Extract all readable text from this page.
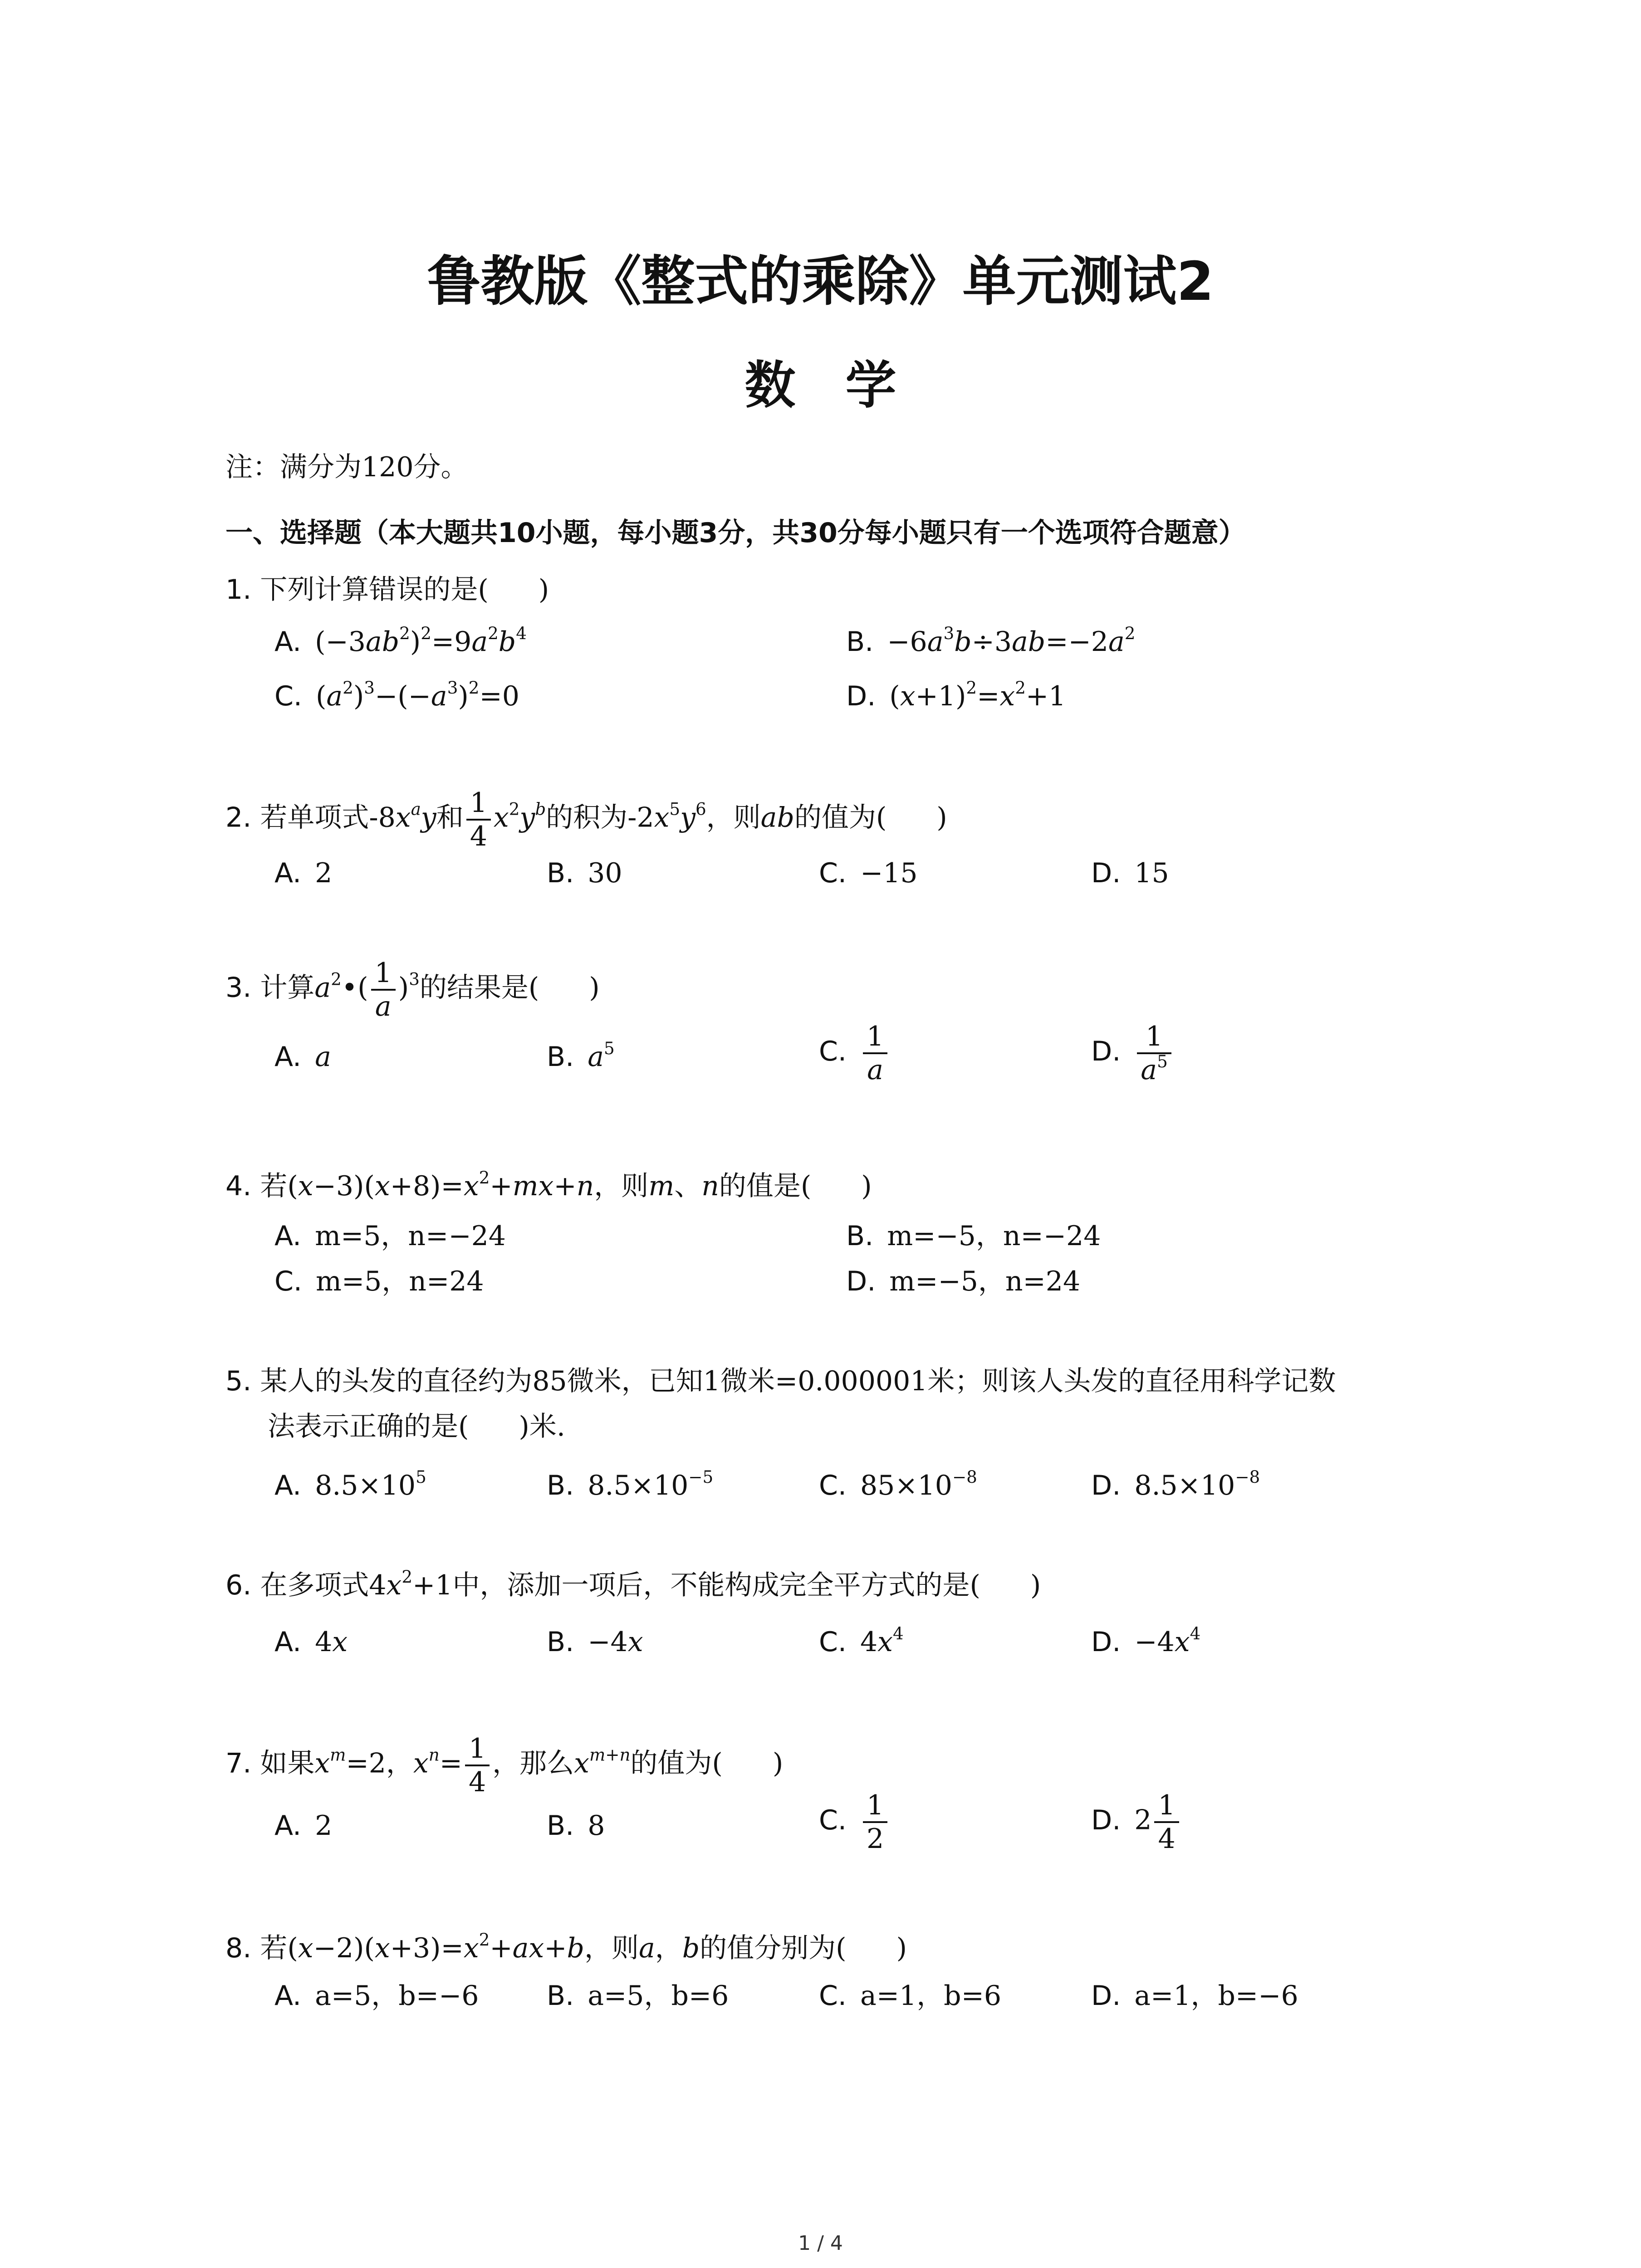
鲁教版《整式的乘除》单元测试2
数学
注：满分为120分。
一、选择题（本大题共10小题，每小题3分，共30分每小题只有一个选项符合题意）
1. 下列计算错误的是( )
A. $(-3ab^2)^2=9a^2b^4$	B. $-6a^3b\div 3ab=-2a^2$
C. $(a^2)^3-(-a^3)^2=0$	D. $(x+1)^2=x^2+1$
2. 若单项式$-8x^ay$和 $\frac{1}{4} x^2y^b$的积为$-2x^5y^6$，则ab的值为( )
A. 2	B. 30	C. −15	D. 15
3. 计算$a^2•( \frac{1}{a} )^3$的结果是( )
A. a	B. $a^5$	C. $\frac{1}{a}$	D. $\frac{1}{a^5}$
4. 若$(x-3)(x+8)=x^2+mx+n$，则m、n的值是( )
A. m=5，n=−24	B. m=−5，n=−24
C. m=5，n=24	D. m=−5，n=24
5. 某人的头发的直径约为85微米，已知1微米=0.000001米；则该人头发的直径用科学记数
法表示正确的是( )米.
A. $8.5\times 10^5$	B. $8.5\times 10^{-5}$	C. $85\times 10^{-8}$	D. $8.5\times 10^{-8}$
6. 在多项式$4x^2+1$中，添加一项后，不能构成完全平方式的是( )
A. 4x	B. −4x	C. $4x^4$	D. $-4x^4$
7. 如果$x^m=2$，$x^n= \frac{1}{4}$ ，那么$x^{m+n}$的值为( )
A. 2	B. 8	C. $\frac{1}{2}$	D. $2 \frac{1}{4}$
8. 若$(x-2)(x+3)=x^2+ax+b$，则a，b的值分别为( )
A. a=5，b=−6 B. a=5，b=6	C. a=1，b=6	D. a=1，b=−6
1 / 4
